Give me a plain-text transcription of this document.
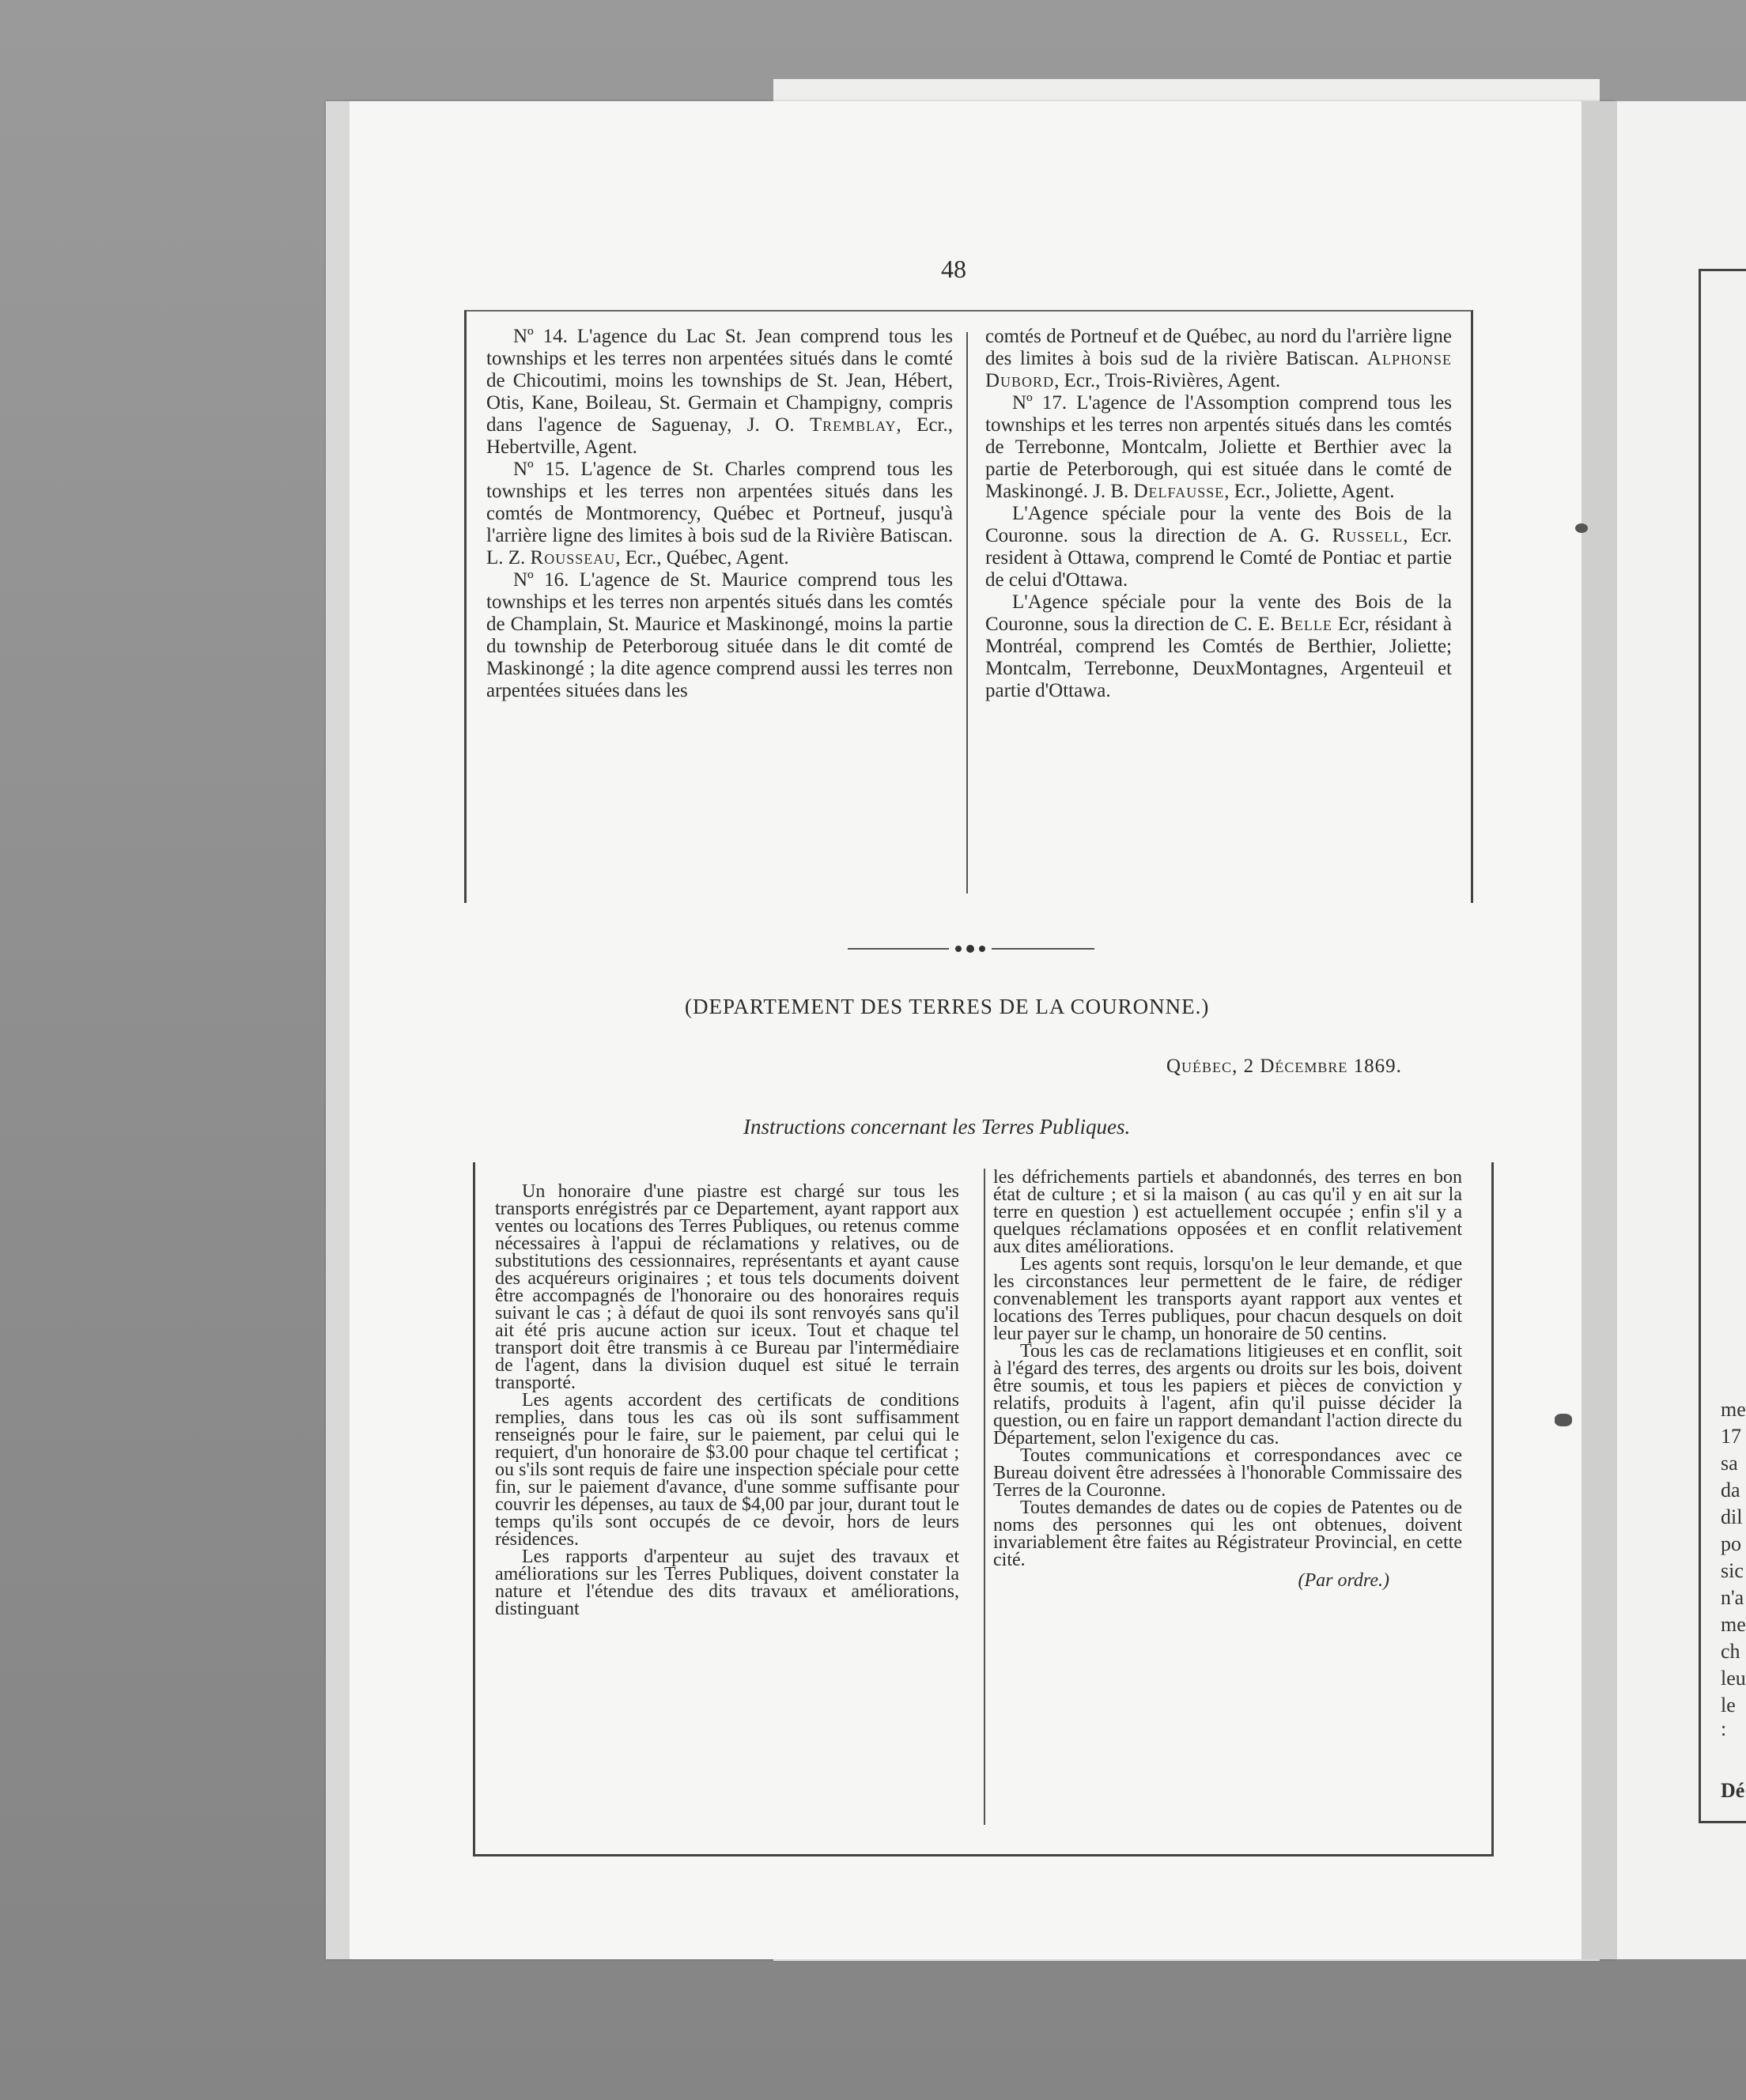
me
17
sa
da
dil
po
sic
n'a
me
ch
leu
le :
Dé
48

Nº 14. L'agence du Lac St. Jean comprend tous les townships et les terres non arpentées situés dans le comté de Chicoutimi, moins les townships de St. Jean, Hébert, Otis, Kane, Boileau, St. Germain et Champigny, compris dans l'agence de Saguenay, J. O. Tremblay, Ecr., Hebertville, Agent.

Nº 15. L'agence de St. Charles comprend tous les townships et les terres non arpentées situés dans les comtés de Montmorency, Québec et Portneuf, jusqu'à l'arrière ligne des limites à bois sud de la Rivière Batiscan. L. Z. Rousseau, Ecr., Québec, Agent.

Nº 16. L'agence de St. Maurice comprend tous les townships et les terres non arpentés situés dans les comtés de Champlain, St. Maurice et Maskinongé, moins la partie du township de Peterboroug située dans le dit comté de Maskinongé ; la dite agence comprend aussi les terres non arpentées situées dans les

comtés de Portneuf et de Québec, au nord du l'arrière ligne des limites à bois sud de la rivière Batiscan. Alphonse Dubord, Ecr., Trois-Rivières, Agent.

Nº 17. L'agence de l'Assomption comprend tous les townships et les terres non arpentés situés dans les comtés de Terrebonne, Montcalm, Joliette et Berthier avec la partie de Peterborough, qui est située dans le comté de Maskinongé. J. B. Delfausse, Ecr., Joliette, Agent.

L'Agence spéciale pour la vente des Bois de la Couronne. sous la direction de A. G. Russell, Ecr. resident à Ottawa, comprend le Comté de Pontiac et partie de celui d'Ottawa.

L'Agence spéciale pour la vente des Bois de la Couronne, sous la direction de C. E. Belle Ecr, résidant à Montréal, comprend les Comtés de Berthier, Joliette; Montcalm, Terrebonne, DeuxMontagnes, Argenteuil et partie d'Ottawa.

(DEPARTEMENT DES TERRES DE LA COURONNE.)
Québec, 2 Décembre 1869.
Instructions concernant les Terres Publiques.

Un honoraire d'une piastre est chargé sur tous les transports enrégistrés par ce Departement, ayant rapport aux ventes ou locations des Terres Publiques, ou retenus comme nécessaires à l'appui de réclamations y relatives, ou de substitutions des cessionnaires, représentants et ayant cause des acquéreurs originaires ; et tous tels documents doivent être accompagnés de l'honoraire ou des honoraires requis suivant le cas ; à défaut de quoi ils sont renvoyés sans qu'il ait été pris aucune action sur iceux. Tout et chaque tel transport doit être transmis à ce Bureau par l'intermédiaire de l'agent, dans la division duquel est situé le terrain transporté.

Les agents accordent des certificats de conditions remplies, dans tous les cas où ils sont suffisamment renseignés pour le faire, sur le paiement, par celui qui le requiert, d'un honoraire de $3.00 pour chaque tel certificat ; ou s'ils sont requis de faire une inspection spéciale pour cette fin, sur le paiement d'avance, d'une somme suffisante pour couvrir les dépenses, au taux de $4,00 par jour, durant tout le temps qu'ils sont occupés de ce devoir, hors de leurs résidences.

Les rapports d'arpenteur au sujet des travaux et améliorations sur les Terres Publiques, doivent constater la nature et l'étendue des dits travaux et améliorations, distinguant

les défrichements partiels et abandonnés, des terres en bon état de culture ; et si la maison ( au cas qu'il y en ait sur la terre en question ) est actuellement occupée ; enfin s'il y a quelques réclamations opposées et en conflit relativement aux dites améliorations.

Les agents sont requis, lorsqu'on le leur demande, et que les circonstances leur permettent de le faire, de rédiger convenablement les transports ayant rapport aux ventes et locations des Terres publiques, pour chacun desquels on doit leur payer sur le champ, un honoraire de 50 centins.

Tous les cas de reclamations litigieuses et en conflit, soit à l'égard des terres, des argents ou droits sur les bois, doivent être soumis, et tous les papiers et pièces de conviction y relatifs, produits à l'agent, afin qu'il puisse décider la question, ou en faire un rapport demandant l'action directe du Département, selon l'exigence du cas.

Toutes communications et correspondances avec ce Bureau doivent être adressées à l'honorable Commissaire des Terres de la Couronne.

Toutes demandes de dates ou de copies de Patentes ou de noms des personnes qui les ont obtenues, doivent invariablement être faites au Régistrateur Provincial, en cette cité.

(Par ordre.)
